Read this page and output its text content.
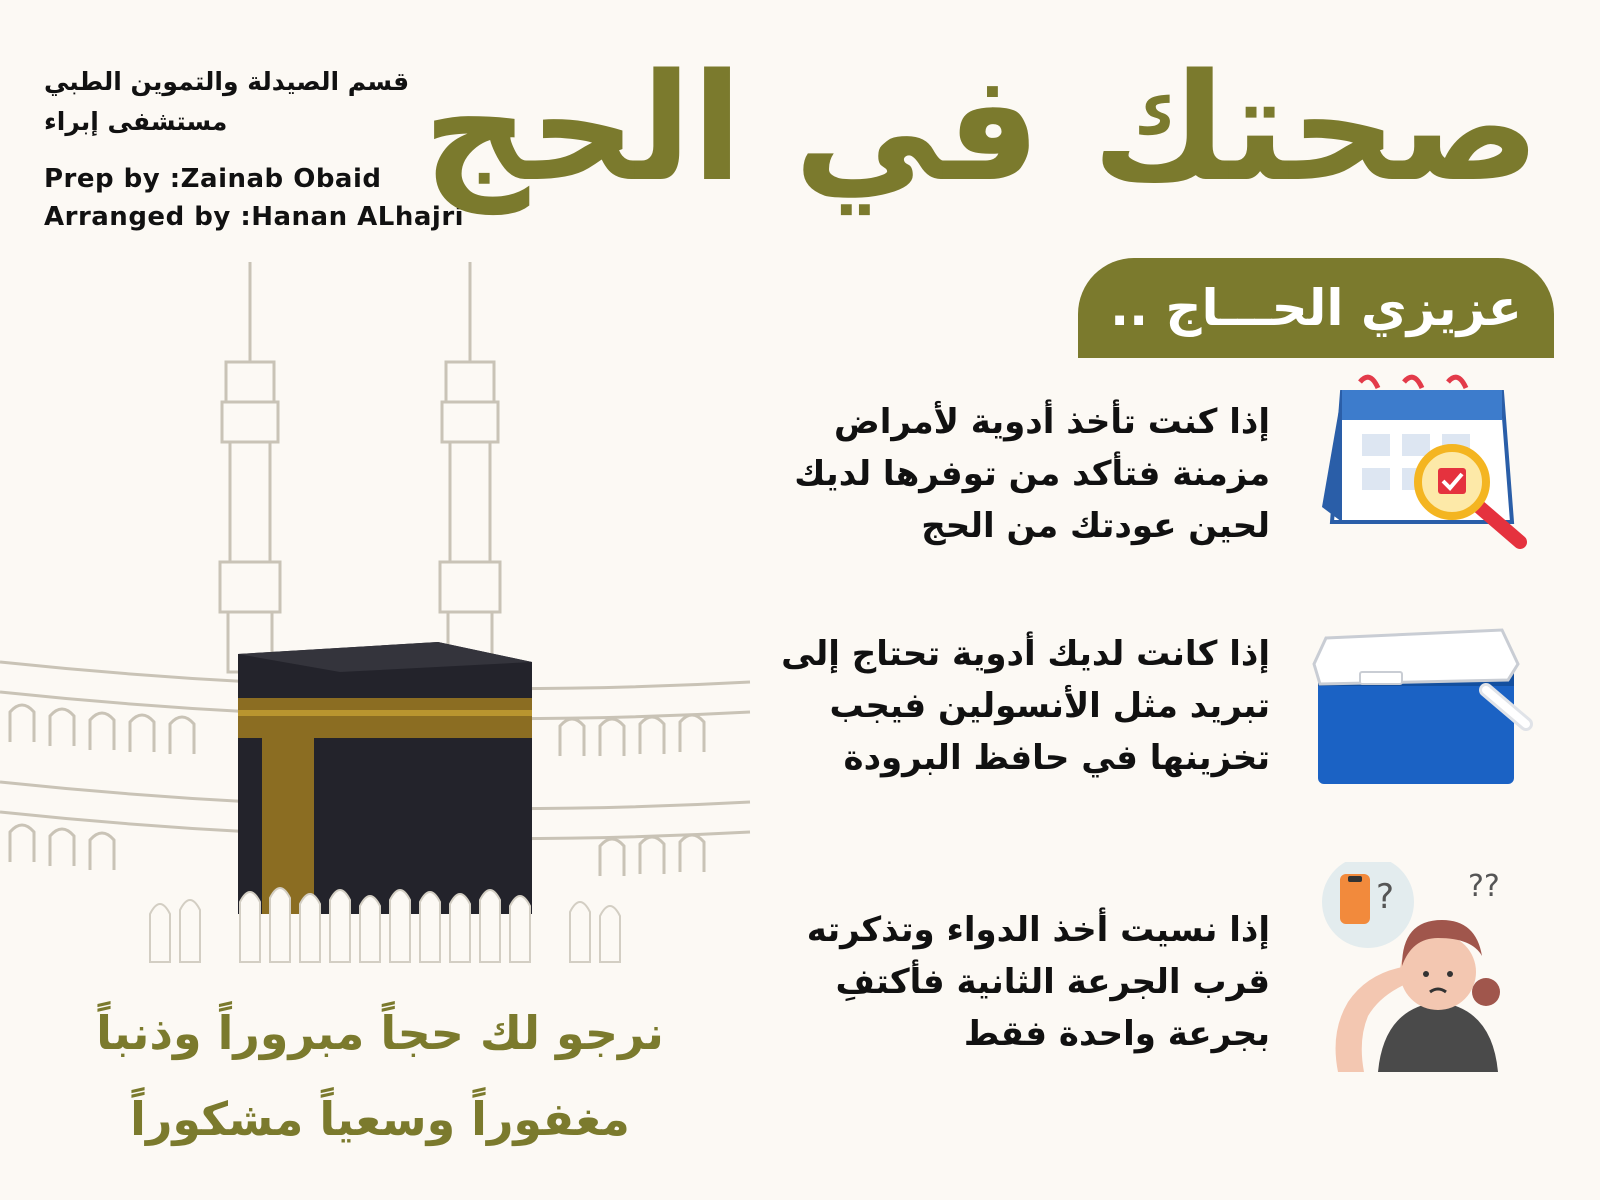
قسم الصيدلة والتموين الطبي
مستشفى إبراء
Prep by :Zainab Obaid
Arranged by :Hanan ALhajri
صحتك في الحج
عزيزي الحـــاج ..
إذا كنت تأخذ أدوية لأمراض مزمنة فتأكد من توفرها لديك لحين عودتك من الحج
إذا كانت لديك أدوية تحتاج إلى تبريد مثل الأنسولين فيجب تخزينها في حافظ البرودة
إذا نسيت أخذ الدواء وتذكرته قرب الجرعة الثانية فأكتفِ بجرعة واحدة فقط
? ??
نرجو لك حجاً مبروراً وذنباً مغفوراً وسعياً مشكوراً
